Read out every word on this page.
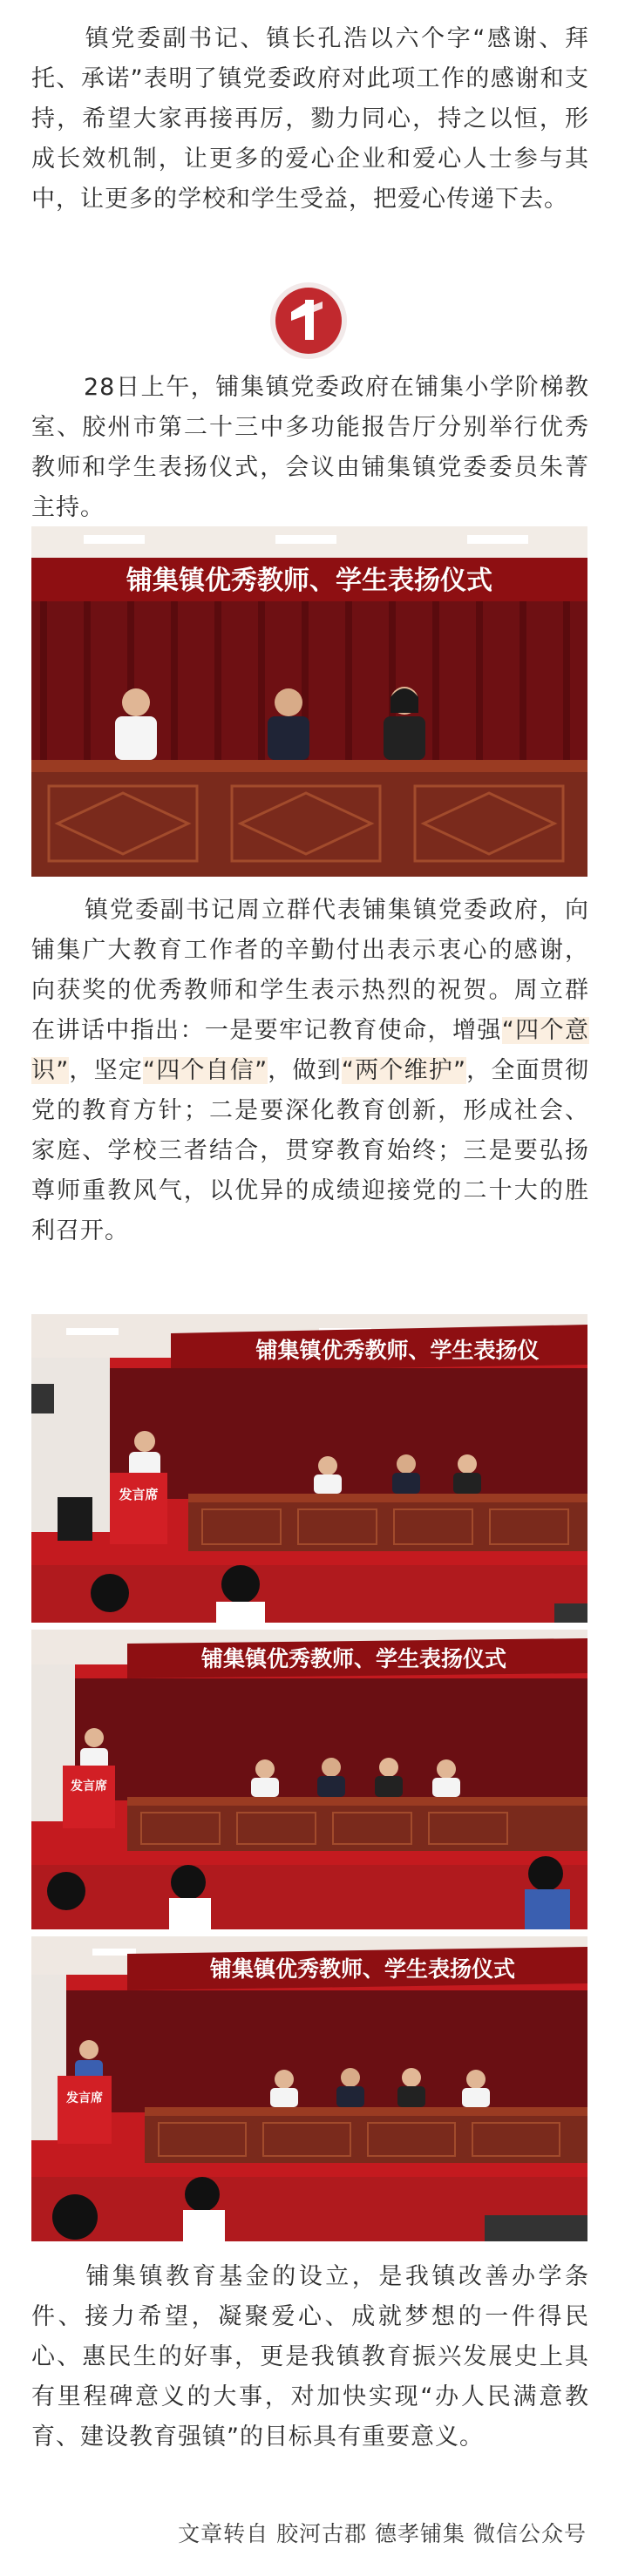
镇党委副书记、镇长孔浩以六个字“感谢、拜托、承诺”表明了镇党委政府对此项工作的感谢和支持，希望大家再接再厉，勠力同心，持之以恒，形成长效机制，让更多的爱心企业和爱心人士参与其中，让更多的学校和学生受益，把爱心传递下去。

28日上午，铺集镇党委政府在铺集小学阶梯教室、胶州市第二十三中多功能报告厅分别举行优秀教师和学生表扬仪式，会议由铺集镇党委委员朱菁主持。

铺集镇优秀教师、学生表扬仪式

镇党委副书记周立群代表铺集镇党委政府，向铺集广大教育工作者的辛勤付出表示衷心的感谢，向获奖的优秀教师和学生表示热烈的祝贺。周立群在讲话中指出：一是要牢记教育使命，增强“四个意识”，坚定“四个自信”，做到“两个维护”，全面贯彻党的教育方针；二是要深化教育创新，形成社会、家庭、学校三者结合，贯穿教育始终；三是要弘扬尊师重教风气，以优异的成绩迎接党的二十大的胜利召开。

铺集镇优秀教师、学生表扬仪
发言席
铺集镇优秀教师、学生表扬仪式
发言席
铺集镇优秀教师、学生表扬仪式
发言席

铺集镇教育基金的设立，是我镇改善办学条件、接力希望，凝聚爱心、成就梦想的一件得民心、惠民生的好事，更是我镇教育振兴发展史上具有里程碑意义的大事，对加快实现“办人民满意教育、建设教育强镇”的目标具有重要意义。

文章转自 胶河古郡 德孝铺集 微信公众号
